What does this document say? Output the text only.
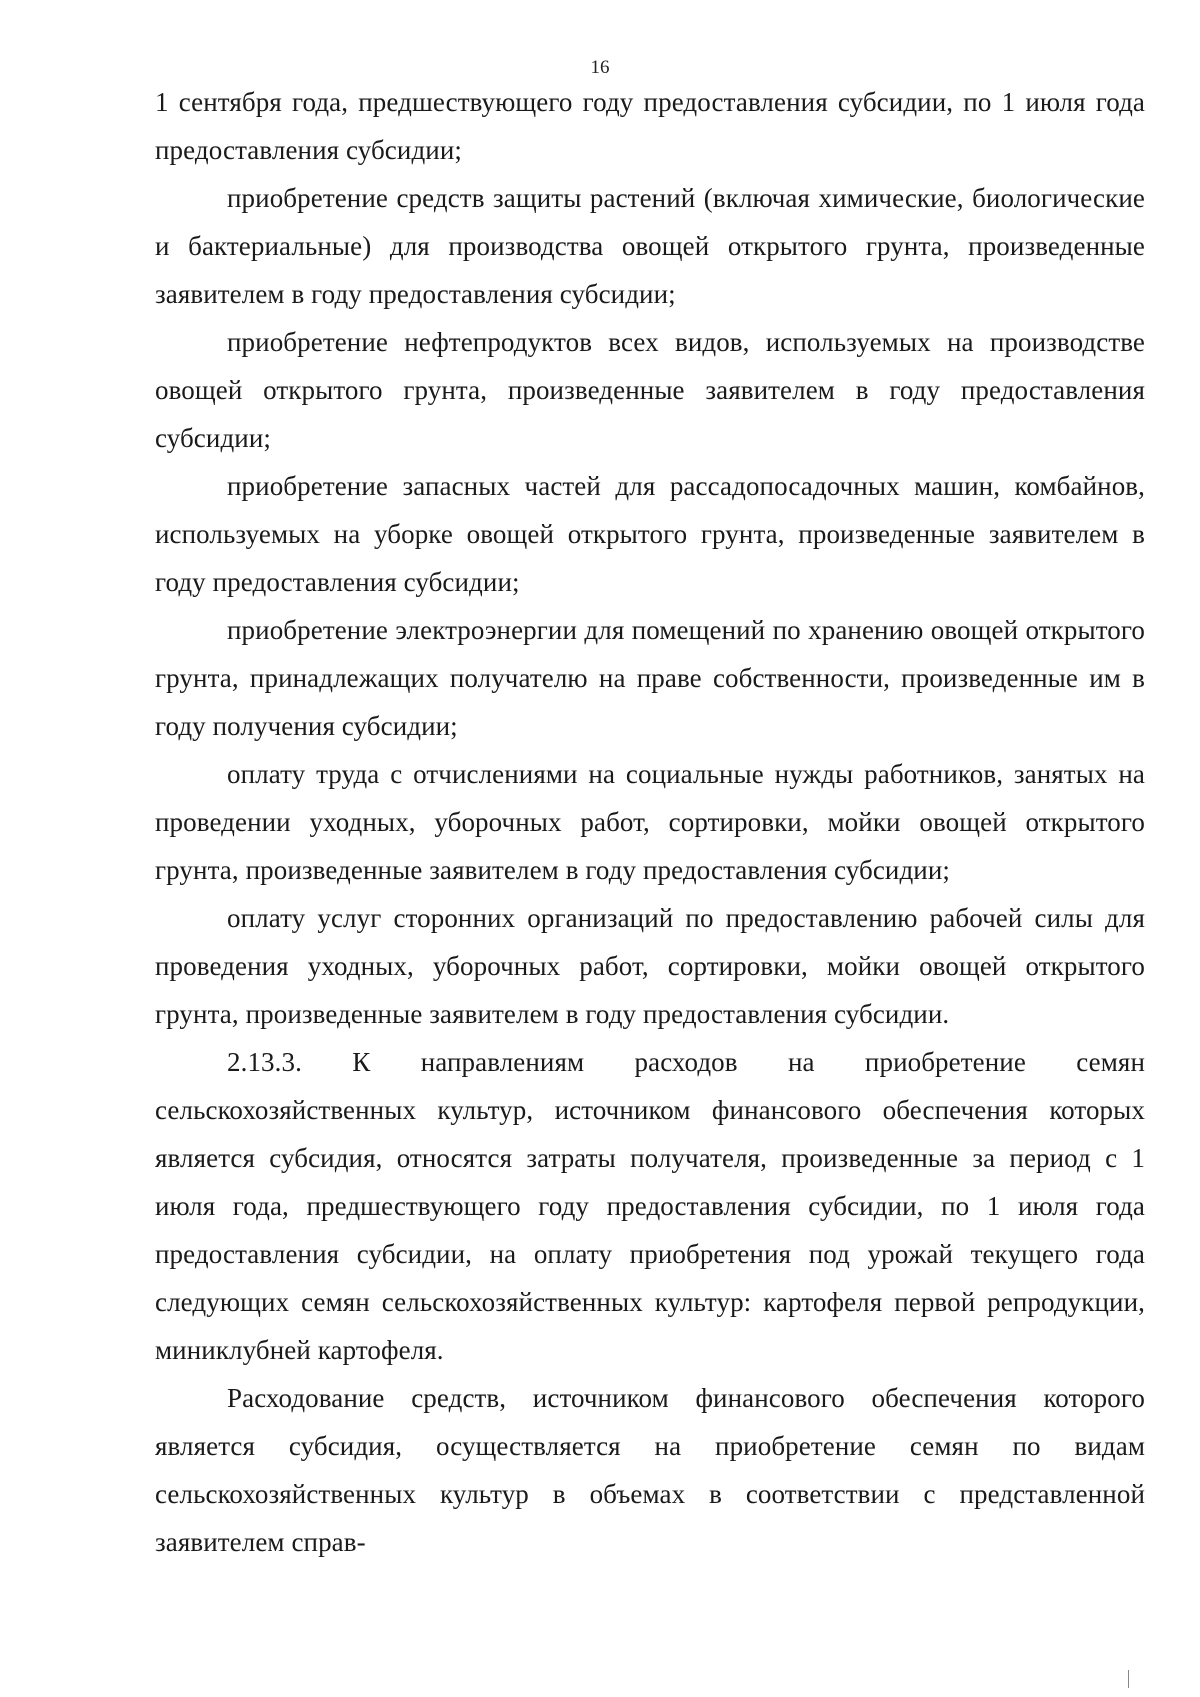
16

1 сентября года, предшествующего году предоставления субсидии, по 1 июля года предоставления субсидии;

приобретение средств защиты растений (включая химические, биологические и бактериальные) для производства овощей открытого грунта, произведенные заявителем в году предоставления субсидии;

приобретение нефтепродуктов всех видов, используемых на производстве овощей открытого грунта, произведенные заявителем в году предоставления субсидии;

приобретение запасных частей для рассадопосадочных машин, комбайнов, используемых на уборке овощей открытого грунта, произведенные заявителем в году предоставления субсидии;

приобретение электроэнергии для помещений по хранению овощей открытого грунта, принадлежащих получателю на праве собственности, произведенные им в году получения субсидии;

оплату труда с отчислениями на социальные нужды работников, занятых на проведении уходных, уборочных работ, сортировки, мойки овощей открытого грунта, произведенные заявителем в году предоставления субсидии;

оплату услуг сторонних организаций по предоставлению рабочей силы для проведения уходных, уборочных работ, сортировки, мойки овощей открытого грунта, произведенные заявителем в году предоставления субсидии.

2.13.3. К направлениям расходов на приобретение семян сельскохозяйственных культур, источником финансового обеспечения которых является субсидия, относятся затраты получателя, произведенные за период с 1 июля года, предшествующего году предоставления субсидии, по 1 июля года предоставления субсидии, на оплату приобретения под урожай текущего года следующих семян сельскохозяйственных культур: картофеля первой репродукции, миниклубней картофеля.

Расходование средств, источником финансового обеспечения которого является субсидия, осуществляется на приобретение семян по видам сельскохозяйственных культур в объемах в соответствии с представленной заявителем справ-
